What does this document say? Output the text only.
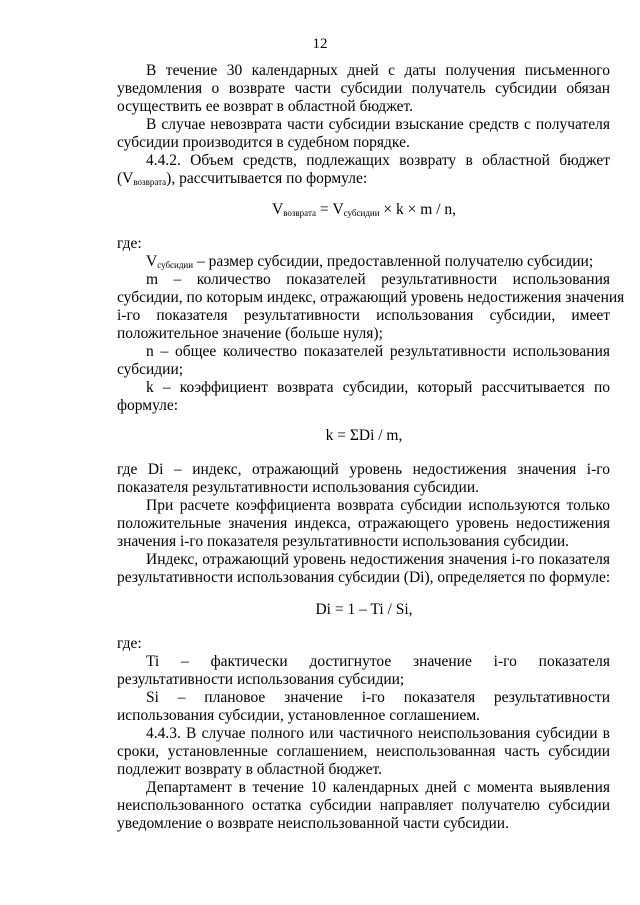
12
В течение 30 календарных дней с даты получения письменного
уведомления о возврате части субсидии получатель субсидии обязан
осуществить ее возврат в областной бюджет.
В случае невозврата части субсидии взыскание средств с получателя
субсидии производится в судебном порядке.
4.4.2. Объем средств, подлежащих возврату в областной бюджет
$(V_{возврата})$, рассчитывается по формуле:
$V_{возврата} = V_{субсидии} \times k \times m / n$,
где:
$V_{субсидии}$ – размер субсидии, предоставленной получателю субсидии;
m – количество показателей результативности использования
субсидии, по которым индекс, отражающий уровень недостижения значения
i-го показателя результативности использования субсидии, имеет
положительное значение (больше нуля);
n – общее количество показателей результативности использования
субсидии;
k – коэффициент возврата субсидии, который рассчитывается по
формуле:
k = ΣDi / m,
где Di – индекс, отражающий уровень недостижения значения i-го
показателя результативности использования субсидии.
При расчете коэффициента возврата субсидии используются только
положительные значения индекса, отражающего уровень недостижения
значения i-го показателя результативности использования субсидии.
Индекс, отражающий уровень недостижения значения i-го показателя
результативности использования субсидии (Di), определяется по формуле:
Di = 1 – Ti / Si,
где:
Ti – фактически достигнутое значение i-го показателя
результативности использования субсидии;
Si – плановое значение i-го показателя результативности
использования субсидии, установленное соглашением.
4.4.3. В случае полного или частичного неиспользования субсидии в
сроки, установленные соглашением, неиспользованная часть субсидии
подлежит возврату в областной бюджет.
Департамент в течение 10 календарных дней с момента выявления
неиспользованного остатка субсидии направляет получателю субсидии
уведомление о возврате неиспользованной части субсидии.
